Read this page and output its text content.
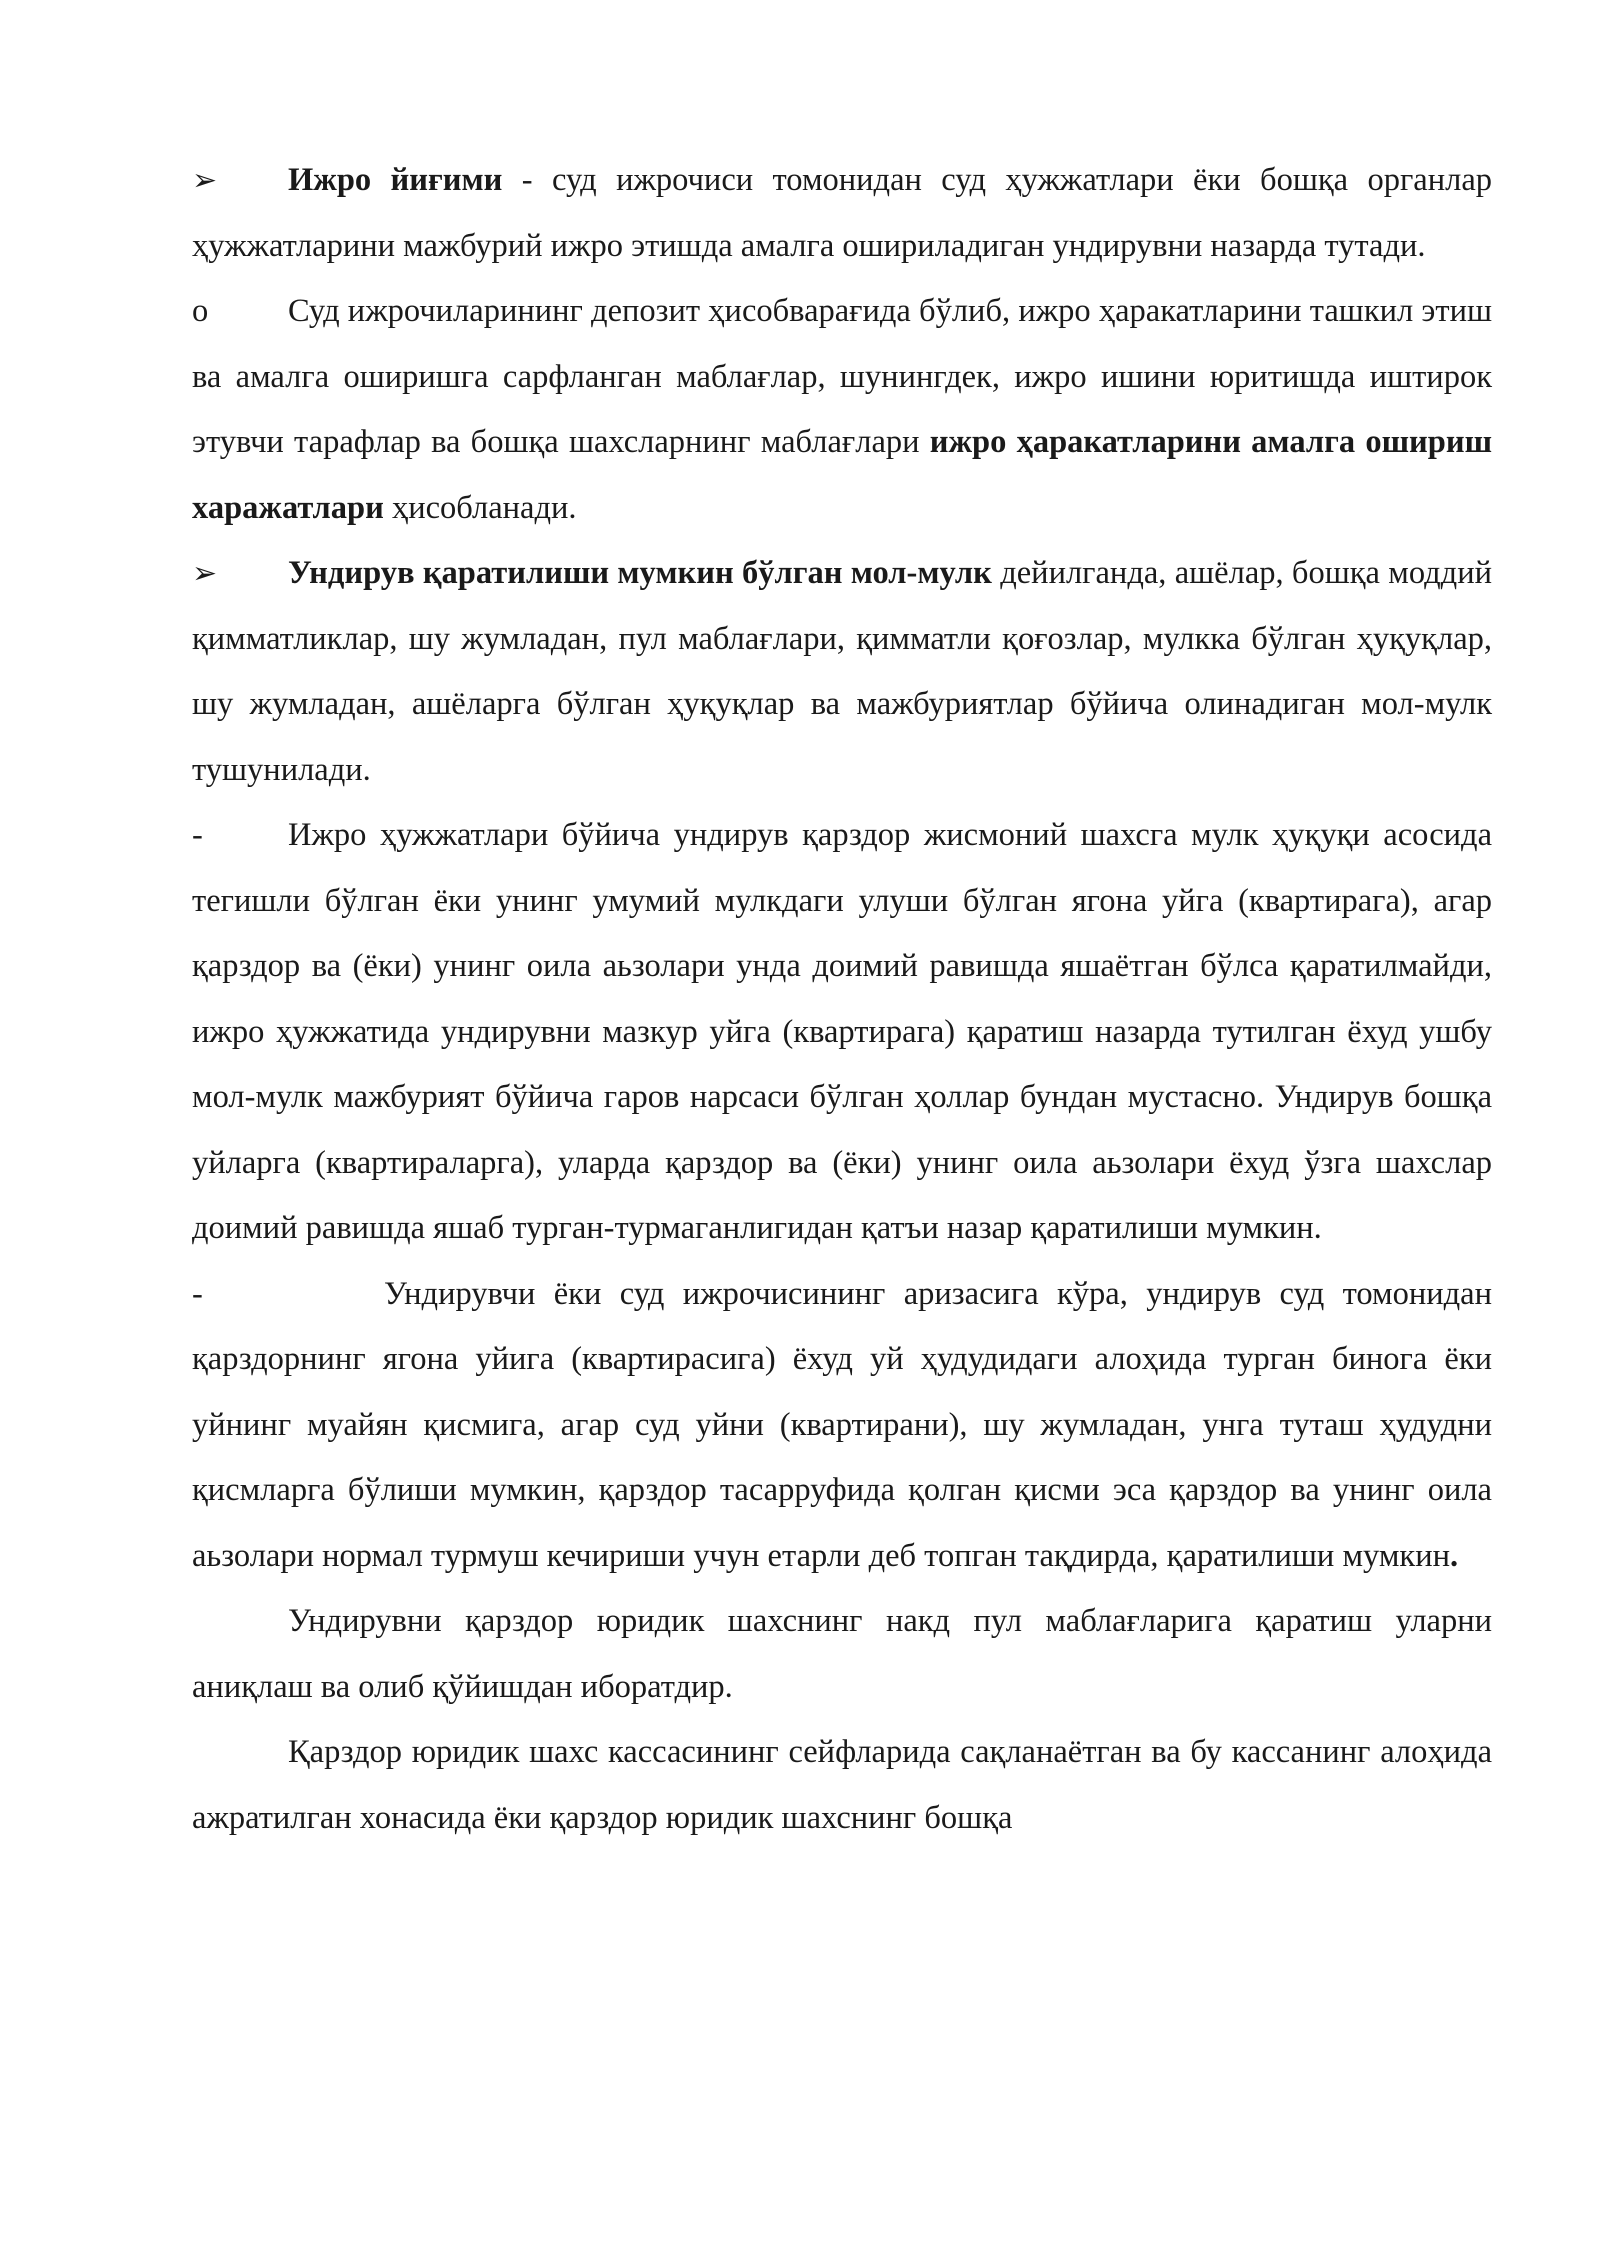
➢ Ижро йиғими - суд ижрочиси томонидан суд ҳужжатлари ёки бошқа органлар ҳужжатларини мажбурий ижро этишда амалга ошириладиган ундирувни назарда тутади.

o Суд ижрочиларининг депозит ҳисобварағида бўлиб, ижро ҳаракатларини ташкил этиш ва амалга оширишга сарфланган маблағлар, шунингдек, ижро ишини юритишда иштирок этувчи тарафлар ва бошқа шахсларнинг маблағлари ижро ҳаракатларини амалга ошириш харажатлари ҳисобланади.

➢ Ундирув қаратилиши мумкин бўлган мол-мулк дейилганда, ашёлар, бошқа моддий қимматликлар, шу жумладан, пул маблағлари, қимматли қоғозлар, мулкка бўлган ҳуқуқлар, шу жумладан, ашёларга бўлган ҳуқуқлар ва мажбуриятлар бўйича олинадиган мол-мулк тушунилади.

-	Ижро ҳужжатлари бўйича ундирув қарздор жисмоний шахсга мулк ҳуқуқи асосида тегишли бўлган ёки унинг умумий мулкдаги улуши бўлган ягона уйга (квартирага), агар қарздор ва (ёки) унинг оила аьзолари унда доимий равишда яшаётган бўлса қаратилмайди, ижро ҳужжатида ундирувни мазкур уйга (квартирага) қаратиш назарда тутилган ёхуд ушбу мол-мулк мажбурият бўйича гаров нарсаси бўлган ҳоллар бундан мустасно. Ундирув бошқа уйларга (квартираларга), уларда қарздор ва (ёки) унинг оила аьзолари ёхуд ўзга шахслар доимий равишда яшаб турган-турмаганлигидан қатъи назар қаратилиши мумкин.

-	Ундирувчи ёки суд ижрочисининг аризасига кўра, ундирув суд томонидан қарздорнинг ягона уйига (квартирасига) ёхуд уй ҳудудидаги алоҳида турган бинога ёки уйнинг муайян қисмига, агар суд уйни (квартирани), шу жумладан, унга туташ ҳудудни қисмларга бўлиши мумкин, қарздор тасарруфида қолган қисми эса қарздор ва унинг оила аьзолари нормал турмуш кечириши учун етарли деб топган тақдирда, қаратилиши мумкин.

Ундирувни қарздор юридик шахснинг накд пул маблағларига қаратиш уларни аниқлаш ва олиб қўйишдан иборатдир.

Қарздор юридик шахс кассасининг сейфларида сақланаётган ва бу кассанинг алоҳида ажратилган хонасида ёки қарздор юридик шахснинг бошқа
